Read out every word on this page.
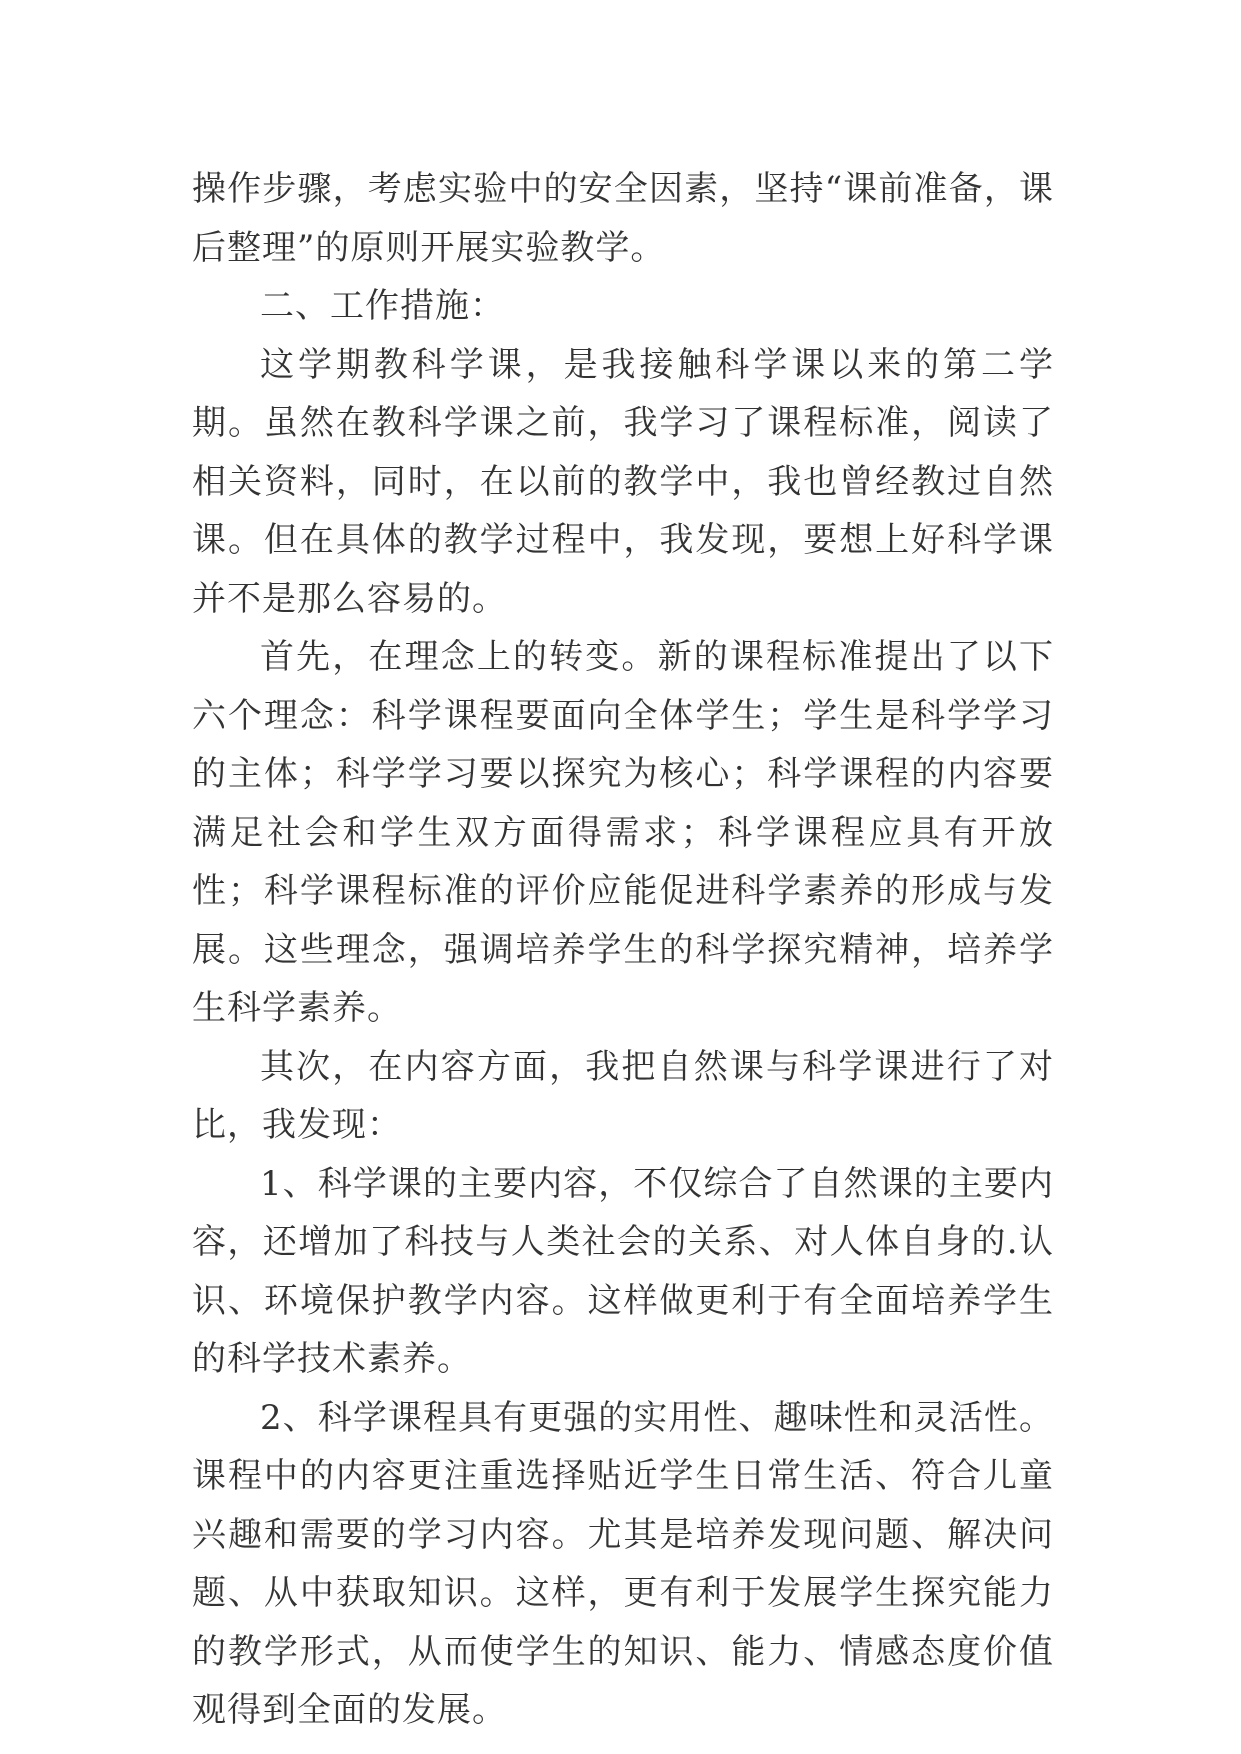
操作步骤，考虑实验中的安全因素，坚持“课前准备，课后整理”的原则开展实验教学。

二、工作措施：

这学期教科学课，是我接触科学课以来的第二学期。虽然在教科学课之前，我学习了课程标准，阅读了相关资料，同时，在以前的教学中，我也曾经教过自然课。但在具体的教学过程中，我发现，要想上好科学课并不是那么容易的。

首先，在理念上的转变。新的课程标准提出了以下六个理念：科学课程要面向全体学生；学生是科学学习的主体；科学学习要以探究为核心；科学课程的内容要满足社会和学生双方面得需求；科学课程应具有开放性；科学课程标准的评价应能促进科学素养的形成与发展。这些理念，强调培养学生的科学探究精神，培养学生科学素养。

其次，在内容方面，我把自然课与科学课进行了对比，我发现：

1、科学课的主要内容，不仅综合了自然课的主要内容，还增加了科技与人类社会的关系、对人体自身的.认识、环境保护教学内容。这样做更利于有全面培养学生的科学技术素养。

2、科学课程具有更强的实用性、趣味性和灵活性。课程中的内容更注重选择贴近学生日常生活、符合儿童兴趣和需要的学习内容。尤其是培养发现问题、解决问题、从中获取知识。这样，更有利于发展学生探究能力的教学形式，从而使学生的知识、能力、情感态度价值观得到全面的发展。
